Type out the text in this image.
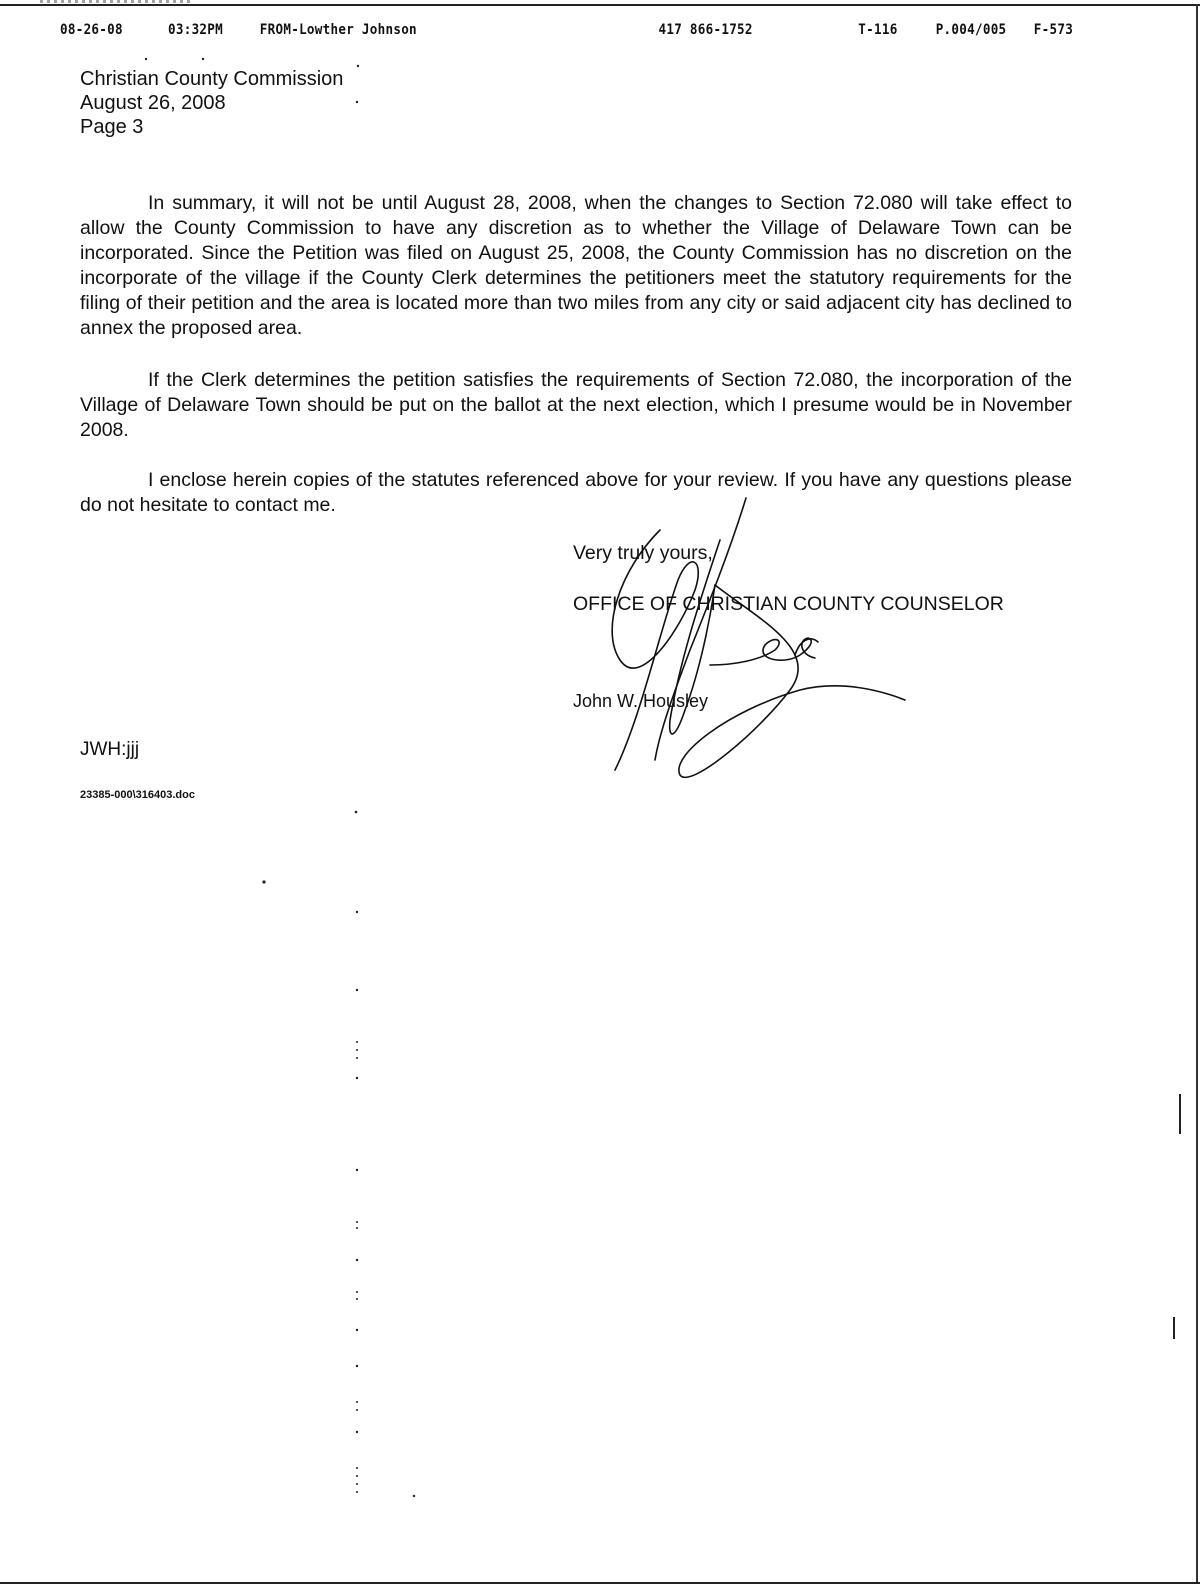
08-26-08	03:32PM	FROM-Lowther Johnson	417 866-1752	T-116	P.004/005 F-573
Christian County Commission
August 26, 2008
Page 3

In summary, it will not be until August 28, 2008, when the changes to Section 72.080 will take effect to allow the County Commission to have any discretion as to whether the Village of Delaware Town can be incorporated. Since the Petition was filed on August 25, 2008, the County Commission has no discretion on the incorporate of the village if the County Clerk determines the petitioners meet the statutory requirements for the filing of their petition and the area is located more than two miles from any city or said adjacent city has declined to annex the proposed area.

If the Clerk determines the petition satisfies the requirements of Section 72.080, the incorporation of the Village of Delaware Town should be put on the ballot at the next election, which I presume would be in November 2008.

I enclose herein copies of the statutes referenced above for your review. If you have any questions please do not hesitate to contact me.

Very truly yours,
OFFICE OF CHRISTIAN COUNTY COUNSELOR
John W. Housley
JWH:jjj
23385-000\316403.doc
